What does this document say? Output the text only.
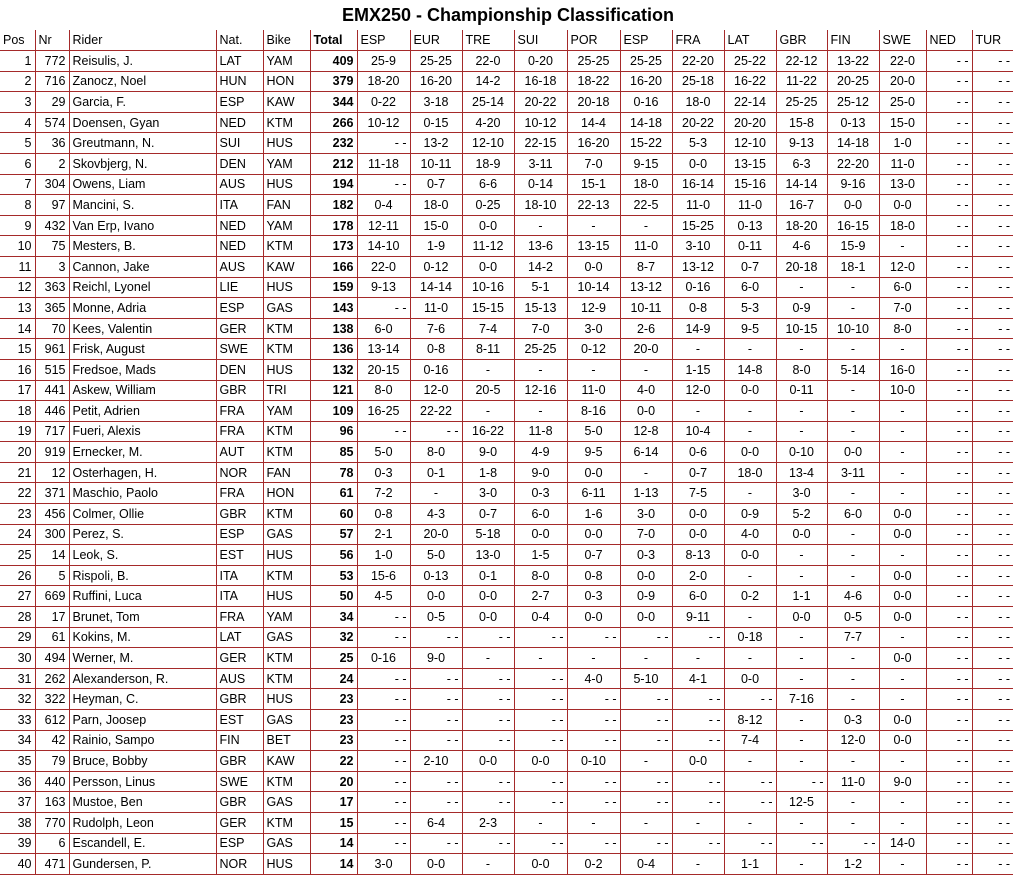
EMX250 - Championship Classification
Pos	Nr	Rider	Nat.	Bike	Total	ESP	EUR	TRE	SUI	POR	ESP	FRA	LAT	GBR	FIN	SWE	NED	TUR
1	772	Reisulis, J.	LAT	YAM	409	25-9	25-25	22-0	0-20	25-25	25-25	22-20	25-22	22-12	13-22	22-0	- -	- -
2	716	Zanocz, Noel	HUN	HON	379	18-20	16-20	14-2	16-18	18-22	16-20	25-18	16-22	11-22	20-25	20-0	- -	- -
3	29	Garcia, F.	ESP	KAW	344	0-22	3-18	25-14	20-22	20-18	0-16	18-0	22-14	25-25	25-12	25-0	- -	- -
4	574	Doensen, Gyan	NED	KTM	266	10-12	0-15	4-20	10-12	14-4	14-18	20-22	20-20	15-8	0-13	15-0	- -	- -
5	36	Greutmann, N.	SUI	HUS	232	- -	13-2	12-10	22-15	16-20	15-22	5-3	12-10	9-13	14-18	1-0	- -	- -
6	2	Skovbjerg, N.	DEN	YAM	212	11-18	10-11	18-9	3-11	7-0	9-15	0-0	13-15	6-3	22-20	11-0	- -	- -
7	304	Owens, Liam	AUS	HUS	194	- -	0-7	6-6	0-14	15-1	18-0	16-14	15-16	14-14	9-16	13-0	- -	- -
8	97	Mancini, S.	ITA	FAN	182	0-4	18-0	0-25	18-10	22-13	22-5	11-0	11-0	16-7	0-0	0-0	- -	- -
9	432	Van Erp, Ivano	NED	YAM	178	12-11	15-0	0-0	-	-	-	15-25	0-13	18-20	16-15	18-0	- -	- -
10	75	Mesters, B.	NED	KTM	173	14-10	1-9	11-12	13-6	13-15	11-0	3-10	0-11	4-6	15-9	-	- -	- -
11	3	Cannon, Jake	AUS	KAW	166	22-0	0-12	0-0	14-2	0-0	8-7	13-12	0-7	20-18	18-1	12-0	- -	- -
12	363	Reichl, Lyonel	LIE	HUS	159	9-13	14-14	10-16	5-1	10-14	13-12	0-16	6-0	-	-	6-0	- -	- -
13	365	Monne, Adria	ESP	GAS	143	- -	11-0	15-15	15-13	12-9	10-11	0-8	5-3	0-9	-	7-0	- -	- -
14	70	Kees, Valentin	GER	KTM	138	6-0	7-6	7-4	7-0	3-0	2-6	14-9	9-5	10-15	10-10	8-0	- -	- -
15	961	Frisk, August	SWE	KTM	136	13-14	0-8	8-11	25-25	0-12	20-0	-	-	-	-	-	- -	- -
16	515	Fredsoe, Mads	DEN	HUS	132	20-15	0-16	-	-	-	-	1-15	14-8	8-0	5-14	16-0	- -	- -
17	441	Askew, William	GBR	TRI	121	8-0	12-0	20-5	12-16	11-0	4-0	12-0	0-0	0-11	-	10-0	- -	- -
18	446	Petit, Adrien	FRA	YAM	109	16-25	22-22	-	-	8-16	0-0	-	-	-	-	-	- -	- -
19	717	Fueri, Alexis	FRA	KTM	96	- -	- -	16-22	11-8	5-0	12-8	10-4	-	-	-	-	- -	- -
20	919	Ernecker, M.	AUT	KTM	85	5-0	8-0	9-0	4-9	9-5	6-14	0-6	0-0	0-10	0-0	-	- -	- -
21	12	Osterhagen, H.	NOR	FAN	78	0-3	0-1	1-8	9-0	0-0	-	0-7	18-0	13-4	3-11	-	- -	- -
22	371	Maschio, Paolo	FRA	HON	61	7-2	-	3-0	0-3	6-11	1-13	7-5	-	3-0	-	-	- -	- -
23	456	Colmer, Ollie	GBR	KTM	60	0-8	4-3	0-7	6-0	1-6	3-0	0-0	0-9	5-2	6-0	0-0	- -	- -
24	300	Perez, S.	ESP	GAS	57	2-1	20-0	5-18	0-0	0-0	7-0	0-0	4-0	0-0	-	0-0	- -	- -
25	14	Leok, S.	EST	HUS	56	1-0	5-0	13-0	1-5	0-7	0-3	8-13	0-0	-	-	-	- -	- -
26	5	Rispoli, B.	ITA	KTM	53	15-6	0-13	0-1	8-0	0-8	0-0	2-0	-	-	-	0-0	- -	- -
27	669	Ruffini, Luca	ITA	HUS	50	4-5	0-0	0-0	2-7	0-3	0-9	6-0	0-2	1-1	4-6	0-0	- -	- -
28	17	Brunet, Tom	FRA	YAM	34	- -	0-5	0-0	0-4	0-0	0-0	9-11	-	0-0	0-5	0-0	- -	- -
29	61	Kokins, M.	LAT	GAS	32	- -	- -	- -	- -	- -	- -	- -	0-18	-	7-7	-	- -	- -
30	494	Werner, M.	GER	KTM	25	0-16	9-0	-	-	-	-	-	-	-	-	0-0	- -	- -
31	262	Alexanderson, R.	AUS	KTM	24	- -	- -	- -	- -	4-0	5-10	4-1	0-0	-	-	-	- -	- -
32	322	Heyman, C.	GBR	HUS	23	- -	- -	- -	- -	- -	- -	- -	- -	7-16	-	-	- -	- -
33	612	Parn, Joosep	EST	GAS	23	- -	- -	- -	- -	- -	- -	- -	8-12	-	0-3	0-0	- -	- -
34	42	Rainio, Sampo	FIN	BET	23	- -	- -	- -	- -	- -	- -	- -	7-4	-	12-0	0-0	- -	- -
35	79	Bruce, Bobby	GBR	KAW	22	- -	2-10	0-0	0-0	0-10	-	0-0	-	-	-	-	- -	- -
36	440	Persson, Linus	SWE	KTM	20	- -	- -	- -	- -	- -	- -	- -	- -	- -	11-0	9-0	- -	- -
37	163	Mustoe, Ben	GBR	GAS	17	- -	- -	- -	- -	- -	- -	- -	- -	12-5	-	-	- -	- -
38	770	Rudolph, Leon	GER	KTM	15	- -	6-4	2-3	-	-	-	-	-	-	-	-	- -	- -
39	6	Escandell, E.	ESP	GAS	14	- -	- -	- -	- -	- -	- -	- -	- -	- -	- -	14-0	- -	- -
40	471	Gundersen, P.	NOR	HUS	14	3-0	0-0	-	0-0	0-2	0-4	-	1-1	-	1-2	-	- -	- -
